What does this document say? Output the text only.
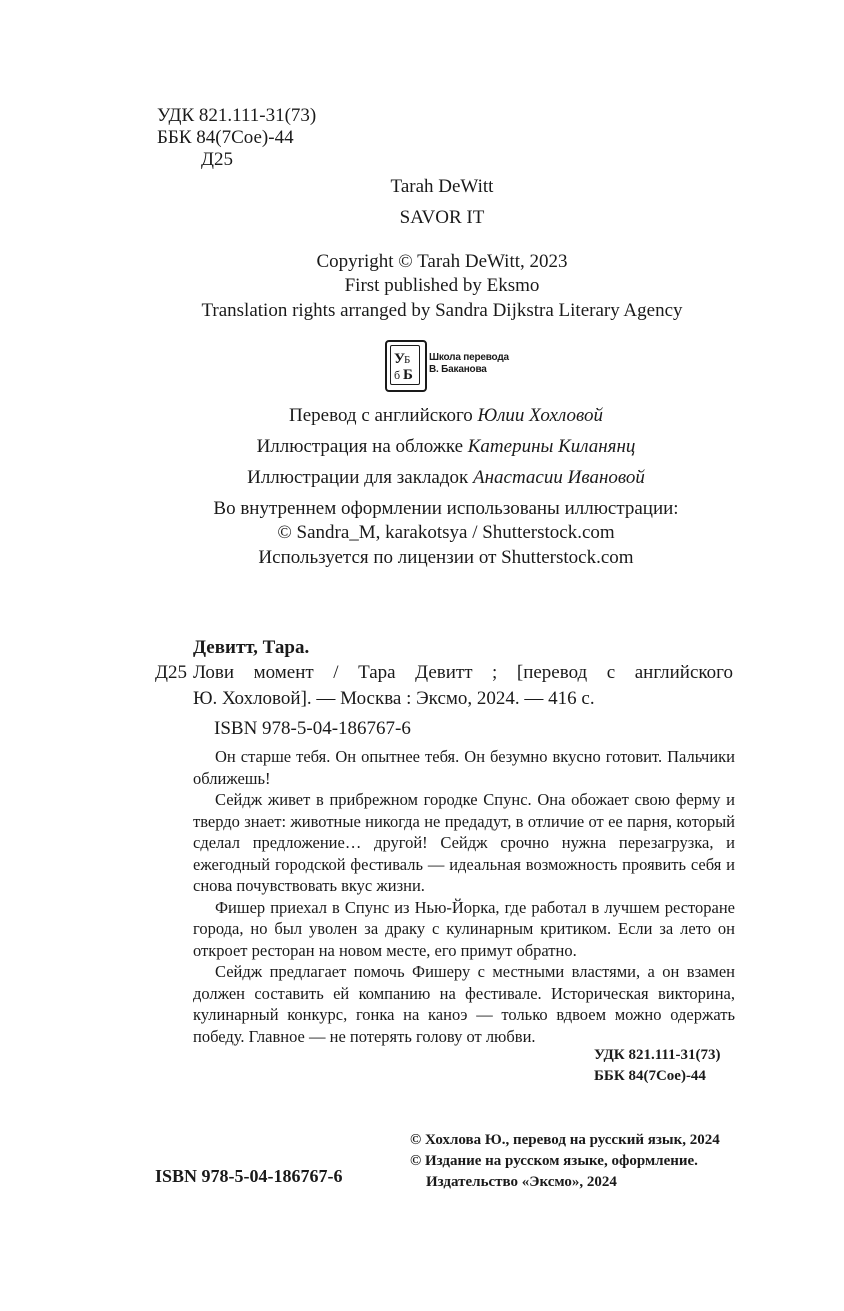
УДК 821.111-31(73)
ББК 84(7Сое)-44
Д25
Tarah DeWitt
SAVOR IT
Copyright © Tarah DeWitt, 2023
First published by Eksmo
Translation rights arranged by Sandra Dijkstra Literary Agency
У
Б
б Б
Школа перевода
В. Баканова
Перевод с английского Юлии Хохловой
Иллюстрация на обложке Катерины Киланянц
Иллюстрации для закладок Анастасии Ивановой
Во внутреннем оформлении использованы иллюстрации:
© Sandra_M, karakotsya / Shutterstock.com
Используется по лицензии от Shutterstock.com
Девитт, Тара.
Д25 Лови момент / Тара Девитт ; [перевод с английского
Ю. Хохловой]. — Москва : Эксмо, 2024. — 416 с.
ISBN 978-5-04-186767-6

Он старше тебя. Он опытнее тебя. Он безумно вкусно готовит. Пальчики оближешь!

Сейдж живет в прибрежном городке Спунс. Она обожает свою ферму и твердо знает: животные никогда не предадут, в отличие от ее парня, который сделал предложение… другой! Сейдж срочно нужна перезагрузка, и ежегодный городской фестиваль — идеальная возможность проявить себя и снова почувствовать вкус жизни.

Фишер приехал в Спунс из Нью-Йорка, где работал в лучшем ресторане города, но был уволен за драку с кулинарным критиком. Если за лето он откроет ресторан на новом месте, его примут обратно.

Сейдж предлагает помочь Фишеру с местными властями, а он взамен должен составить ей компанию на фестивале. Историческая викторина, кулинарный конкурс, гонка на каноэ — только вдвоем можно одержать победу. Главное — не потерять голову от любви.

УДК 821.111-31(73)
ББК 84(7Сое)-44
© Хохлова Ю., перевод на русский язык, 2024
© Издание на русском языке, оформление.
Издательство «Эксмо», 2024
ISBN 978-5-04-186767-6
